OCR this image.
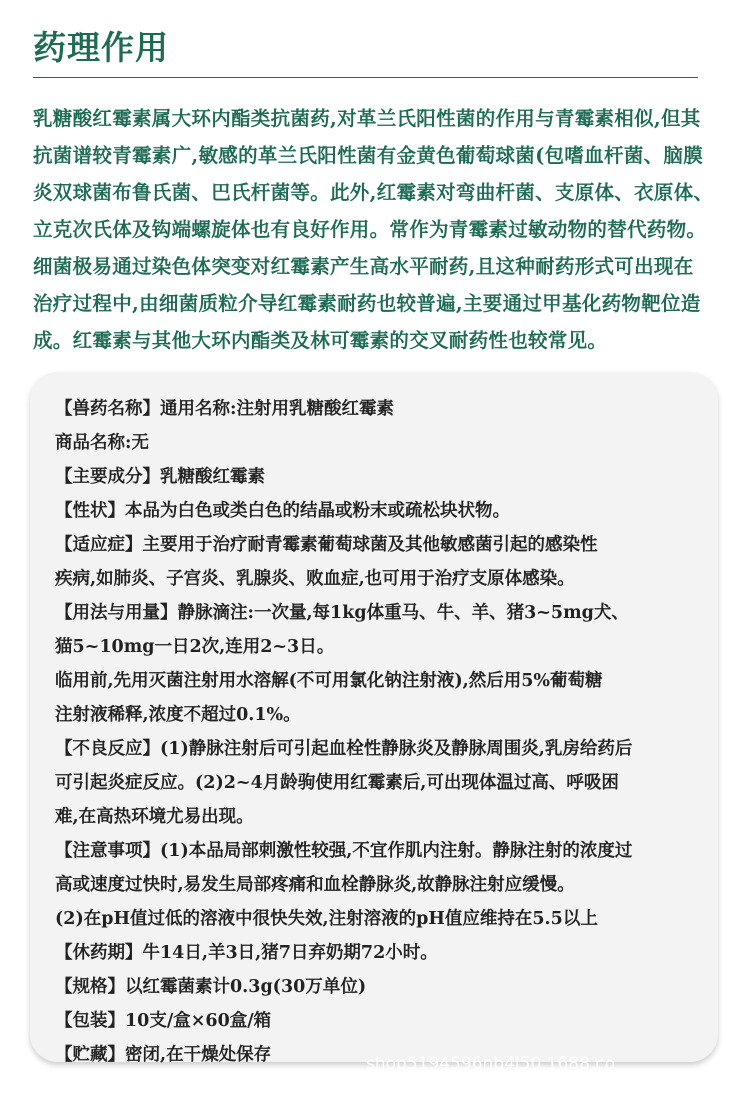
药理作用
乳糖酸红霉素属大环内酯类抗菌药,对革兰氏阳性菌的作用与青霉素相似,但其
抗菌谱较青霉素广,敏感的革兰氏阳性菌有金黄色葡萄球菌(包嗜血杆菌、脑膜
炎双球菌布鲁氏菌、巴氏杆菌等。此外,红霉素对弯曲杆菌、支原体、衣原体、
立克次氏体及钩端螺旋体也有良好作用。常作为青霉素过敏动物的替代药物。
细菌极易通过染色体突变对红霉素产生高水平耐药,且这种耐药形式可出现在
治疗过程中,由细菌质粒介导红霉素耐药也较普遍,主要通过甲基化药物靶位造
成。红霉素与其他大环内酯类及林可霉素的交叉耐药性也较常见。
【兽药名称】通用名称:注射用乳糖酸红霉素
商品名称:无
【主要成分】乳糖酸红霉素
【性状】本品为白色或类白色的结晶或粉末或疏松块状物。
【适应症】主要用于治疗耐青霉素葡萄球菌及其他敏感菌引起的感染性
疾病,如肺炎、子宫炎、乳腺炎、败血症,也可用于治疗支原体感染。
【用法与用量】静脉滴注:一次量,每1kg体重马、牛、羊、猪3~5mg犬、
猫5~10mg一日2次,连用2~3日。
临用前,先用灭菌注射用水溶解(不可用氯化钠注射液),然后用5%葡萄糖
注射液稀释,浓度不超过0.1%。
【不良反应】(1)静脉注射后可引起血栓性静脉炎及静脉周围炎,乳房给药后
可引起炎症反应。(2)2~4月龄驹使用红霉素后,可出现体温过高、呼吸困
难,在高热环境尤易出现。
【注意事项】(1)本品局部刺激性较强,不宜作肌内注射。静脉注射的浓度过
高或速度过快时,易发生局部疼痛和血栓静脉炎,故静脉注射应缓慢。
(2)在pH值过低的溶液中很快失效,注射溶液的pH值应维持在5.5以上
【休药期】牛14日,羊3日,猪7日弃奶期72小时。
【规格】以红霉菌素计0.3g(30万单位)
【包装】10支/盒×60盒/箱
【贮藏】密闭,在干燥处保存	shop5194596nb4l50.1688.co
